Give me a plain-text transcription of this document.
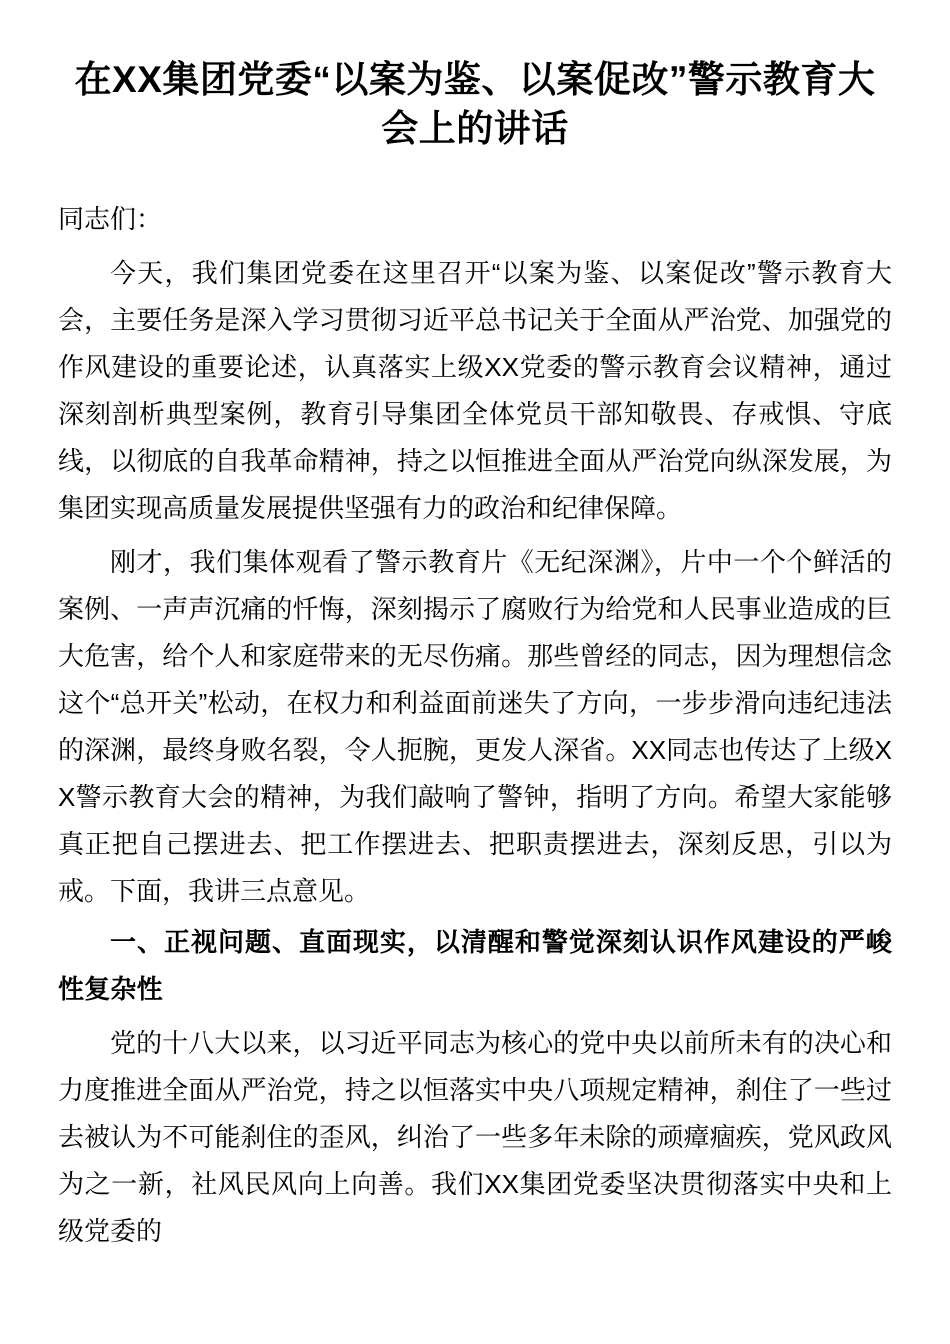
在XX集团党委“以案为鉴、以案促改”警示教育大会上的讲话

同志们：

今天，我们集团党委在这里召开“以案为鉴、以案促改”警示教育大会，主要任务是深入学习贯彻习近平总书记关于全面从严治党、加强党的作风建设的重要论述，认真落实上级XX党委的警示教育会议精神，通过深刻剖析典型案例，教育引导集团全体党员干部知敬畏、存戒惧、守底线，以彻底的自我革命精神，持之以恒推进全面从严治党向纵深发展，为集团实现高质量发展提供坚强有力的政治和纪律保障。

刚才，我们集体观看了警示教育片《无纪深渊》，片中一个个鲜活的案例、一声声沉痛的忏悔，深刻揭示了腐败行为给党和人民事业造成的巨大危害，给个人和家庭带来的无尽伤痛。那些曾经的同志，因为理想信念这个“总开关”松动，在权力和利益面前迷失了方向，一步步滑向违纪违法的深渊，最终身败名裂，令人扼腕，更发人深省。XX同志也传达了上级XX警示教育大会的精神，为我们敲响了警钟，指明了方向。希望大家能够真正把自己摆进去、把工作摆进去、把职责摆进去，深刻反思，引以为戒。下面，我讲三点意见。

一、正视问题、直面现实，以清醒和警觉深刻认识作风建设的严峻性复杂性

党的十八大以来，以习近平同志为核心的党中央以前所未有的决心和力度推进全面从严治党，持之以恒落实中央八项规定精神，刹住了一些过去被认为不可能刹住的歪风，纠治了一些多年未除的顽瘴痼疾，党风政风为之一新，社风民风向上向善。我们XX集团党委坚决贯彻落实中央和上级党委的
